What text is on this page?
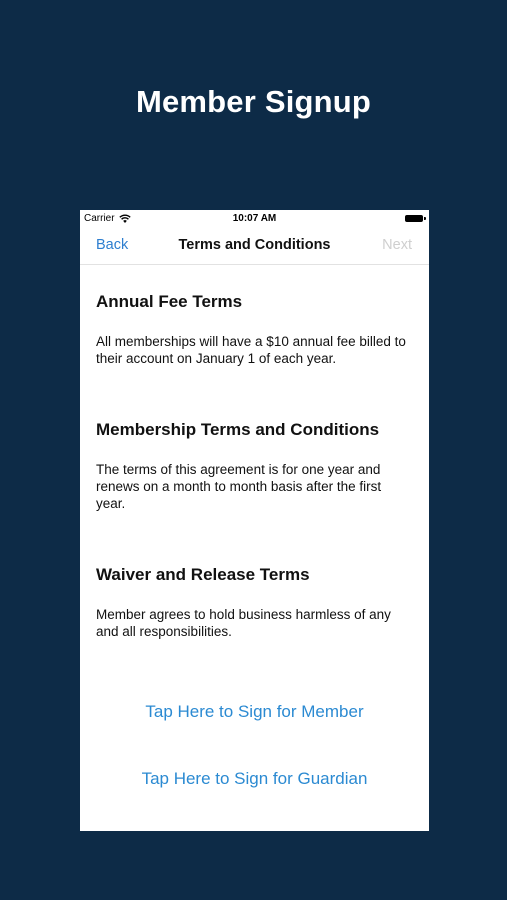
Member Signup
Carrier	10:07 AM
Back	Terms and Conditions	Next
Annual Fee Terms

All memberships will have a $10 annual fee billed to their account on January 1 of each year.

Membership Terms and Conditions

The terms of this agreement is for one year and renews on a month to month basis after the first year.

Waiver and Release Terms

Member agrees to hold business harmless of any and all responsibilities.

Tap Here to Sign for Member
Tap Here to Sign for Guardian
